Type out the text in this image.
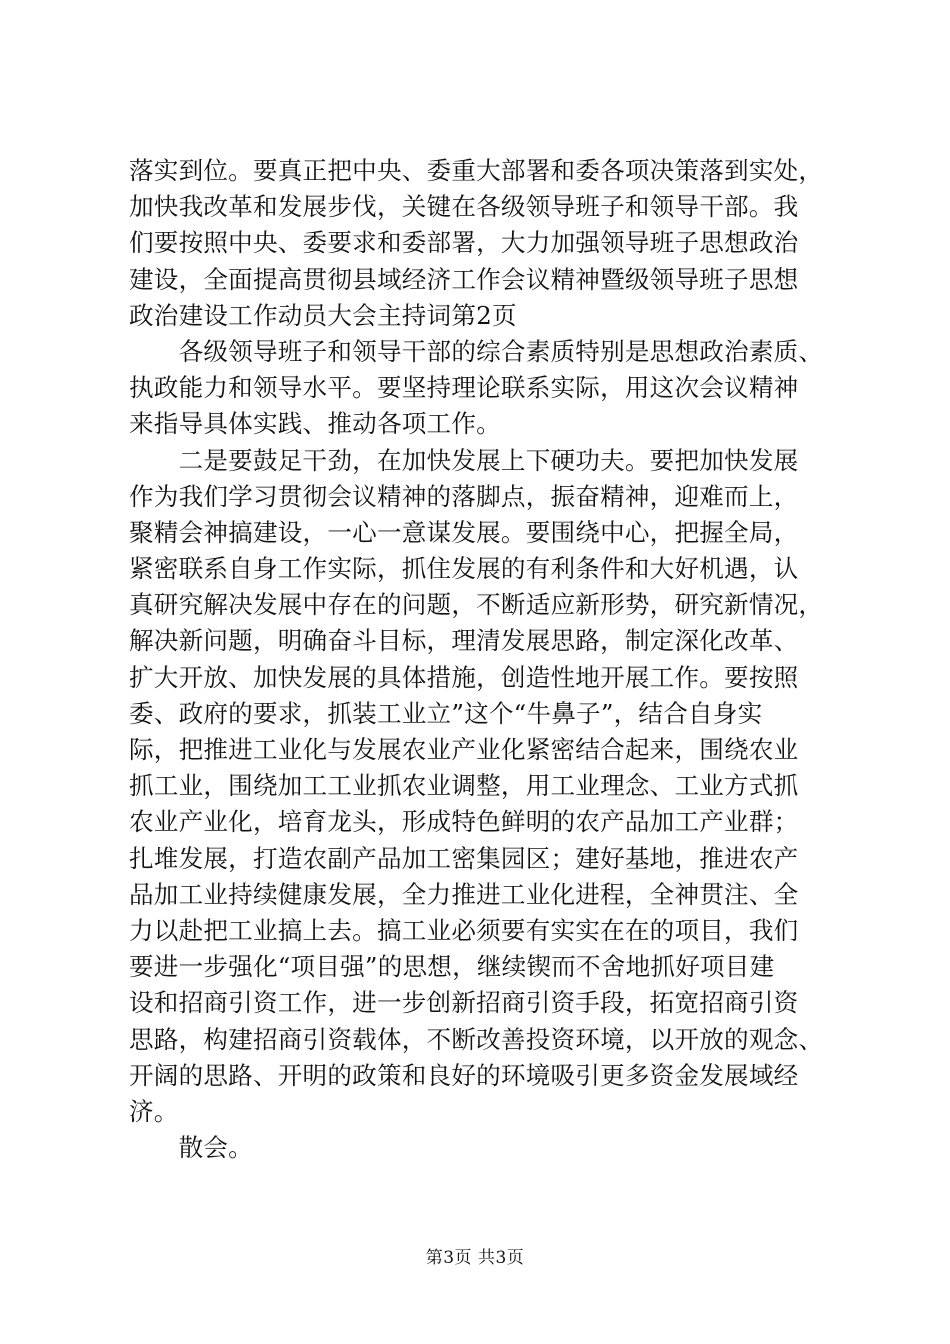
落实到位。要真正把中央、委重大部署和委各项决策落到实处，
加快我改革和发展步伐，关键在各级领导班子和领导干部。我
们要按照中央、委要求和委部署，大力加强领导班子思想政治
建设，全面提高贯彻县域经济工作会议精神暨级领导班子思想
政治建设工作动员大会主持词第2页
　　各级领导班子和领导干部的综合素质特别是思想政治素质、
执政能力和领导水平。要坚持理论联系实际，用这次会议精神
来指导具体实践、推动各项工作。
　　二是要鼓足干劲，在加快发展上下硬功夫。要把加快发展
作为我们学习贯彻会议精神的落脚点，振奋精神，迎难而上，
聚精会神搞建设，一心一意谋发展。要围绕中心，把握全局，
紧密联系自身工作实际，抓住发展的有利条件和大好机遇，认
真研究解决发展中存在的问题，不断适应新形势，研究新情况，
解决新问题，明确奋斗目标，理清发展思路，制定深化改革、
扩大开放、加快发展的具体措施，创造性地开展工作。要按照
委、政府的要求，抓装工业立”这个“牛鼻子”，结合自身实
际，把推进工业化与发展农业产业化紧密结合起来，围绕农业
抓工业，围绕加工工业抓农业调整，用工业理念、工业方式抓
农业产业化，培育龙头，形成特色鲜明的农产品加工产业群；
扎堆发展，打造农副产品加工密集园区；建好基地，推进农产
品加工业持续健康发展，全力推进工业化进程，全神贯注、全
力以赴把工业搞上去。搞工业必须要有实实在在的项目，我们
要进一步强化“项目强”的思想，继续锲而不舍地抓好项目建
设和招商引资工作，进一步创新招商引资手段，拓宽招商引资
思路，构建招商引资载体，不断改善投资环境，以开放的观念、
开阔的思路、开明的政策和良好的环境吸引更多资金发展域经
济。
　　散会。
第3页 共3页
